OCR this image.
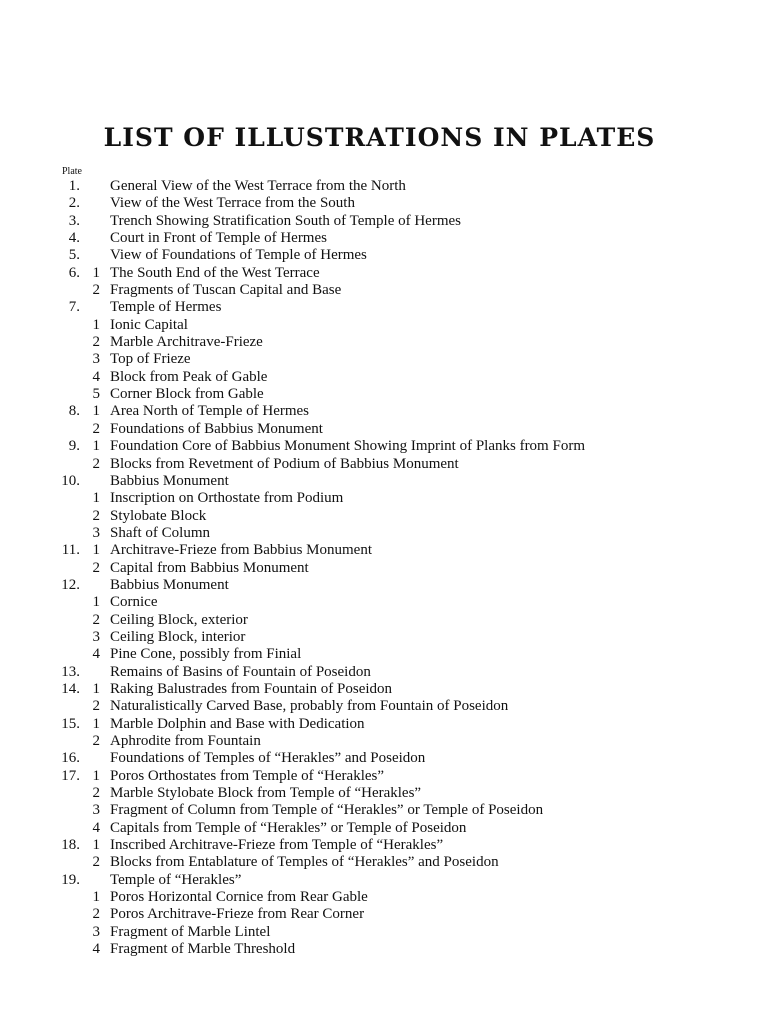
LIST OF ILLUSTRATIONS IN PLATES
Plate
1. General View of the West Terrace from the North
2. View of the West Terrace from the South
3. Trench Showing Stratification South of Temple of Hermes
4. Court in Front of Temple of Hermes
5. View of Foundations of Temple of Hermes
6. 1 The South End of the West Terrace
2 Fragments of Tuscan Capital and Base
7. Temple of Hermes
1 Ionic Capital
2 Marble Architrave-Frieze
3 Top of Frieze
4 Block from Peak of Gable
5 Corner Block from Gable
8. 1 Area North of Temple of Hermes
2 Foundations of Babbius Monument
9. 1 Foundation Core of Babbius Monument Showing Imprint of Planks from Form
2 Blocks from Revetment of Podium of Babbius Monument
10. Babbius Monument
1 Inscription on Orthostate from Podium
2 Stylobate Block
3 Shaft of Column
11. 1 Architrave-Frieze from Babbius Monument
2 Capital from Babbius Monument
12. Babbius Monument
1 Cornice
2 Ceiling Block, exterior
3 Ceiling Block, interior
4 Pine Cone, possibly from Finial
13. Remains of Basins of Fountain of Poseidon
14. 1 Raking Balustrades from Fountain of Poseidon
2 Naturalistically Carved Base, probably from Fountain of Poseidon
15. 1 Marble Dolphin and Base with Dedication
2 Aphrodite from Fountain
16. Foundations of Temples of “Herakles” and Poseidon
17. 1 Poros Orthostates from Temple of “Herakles”
2 Marble Stylobate Block from Temple of “Herakles”
3 Fragment of Column from Temple of “Herakles” or Temple of Poseidon
4 Capitals from Temple of “Herakles” or Temple of Poseidon
18. 1 Inscribed Architrave-Frieze from Temple of “Herakles”
2 Blocks from Entablature of Temples of “Herakles” and Poseidon
19. Temple of “Herakles”
1 Poros Horizontal Cornice from Rear Gable
2 Poros Architrave-Frieze from Rear Corner
3 Fragment of Marble Lintel
4 Fragment of Marble Threshold
